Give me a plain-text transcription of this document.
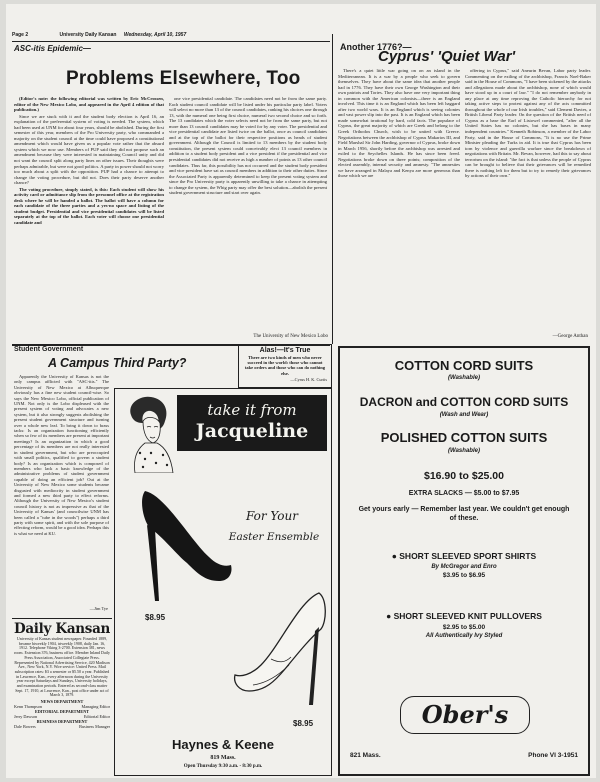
Page 2	University Daily Kansan Wednesday, April 10, 1957
ASC-itis Epidemic—
Problems Elsewhere, Too

(Editor's note: the following editorial was written by Eric McCrossen, editor of the New Mexico Lobo, and appeared in the April 4 edition of that publication.)

Since we are stuck with it and the student body election is April 16, an explanation of the preferential system of voting is needed. The system, which had been used at UNM for about four years, should be abolished. During the first semester of this year, members of the Pro University party, who commanded a majority on the student council at the time could have proposed a constitutional amendment which would have given us a popular vote rather that the absurd system which we now use. Members of PUP said they did not propose such an amendment because they were interested in maintaining Council unity and did not want the council split along party lines on other issues. Their thoughts were perhaps admirable, but were not good politics. A party in power should not worry too much about a split with the opposition. PUP had a chance to attempt to change the voting procedure, but did not. Does their party deserve another chance?

The voting procedure, simply stated, is this: Each student will show his activity card or admittance slip from the personnel office at the registration desk where he will be handed a ballot. The ballot will have a column for each candidate of the three parties and a yes-no space and listing of the student budget. Presidential and vice presidential candidates will be listed separately at the top of the ballot. Each voter will choose one presidential candidate and

one vice presidential candidate. The candidates need not be from the same party. Each student council candidate will be listed under his particular party label. Voters will select no more than 13 of the council candidates, ranking his choices one through 13, with the numeral one being first choice, numeral two second choice and so forth. The 13 candidates which the voter selects need not be from the same party, but not more than 13 council candidates may be voted for by any voter. The presidential and vice presidential candidate are listed twice on the ballot, once as council candidates and at the top of the ballot for their respective positions as heads of student government. Although the Council is limited to 13 members by the student body constitution, the present system could conceivably elect 13 council members in addition to a student body president and a vice president if the presidential and vice presidential candidates did not receive as high a number of points as 13 other council candidates. Thus far, this possibility has not occurred and the student body president and vice president have sat as council members in addition to their other duties. Since the Associated Party is apparently determined to keep the present voting system and since the Pro University party is apparently unwilling to take a chance in attempting to change the system, the Whig party may offer the best solution—abolish the present student government structure and start over again.

The University of New Mexico Lobo
Another 1776?—
Cyprus' 'Quiet War'

There's a quiet little war going on on an island in the Mediterranean. It is a war by a people who seek to govern themselves. They have about the same idea that another people had in 1776. They have their own George Washington and their own patriots and Tories. They also have one very important thing in common with the American colonists—there is an England involved. This time it is an England which has been left haggard after two world wars. It is an England which is seeing colonies and vast power slip into the past. It is an England which has been made somewhat irrational by hard, cold facts. The populace of Cyprus, the great majority of which are Greek and belong to the Greek Orthodox Church, wish to be united with Greece. Negotiations between the archbishop of Cyprus Makarios III, and Field Marshal Sir John Harding, governor of Cyprus, broke down in March 1956, shortly before the archbishop was arrested and exiled to the Seychelles Islands. He has since been freed. Negotiations broke down on three points; composition of the elected assembly, internal security and amnesty. "The amnesties we have arranged in Malaya and Kenya are more generous than those which we are

offering in Cyprus," said Aneurin Bevan, Labor party leader. Commenting on the exiling of the archbishop, Francis Noel-Baker said in the House of Commons, "I have been sickened by the attacks and allegations made about the archbishop, none of which would have stood up in a court of law." "I do not remember anybody in any place at any time reproving the Catholic hierarchy for not taking active steps to protest against any of the acts committed throughout the whole of our Irish troubles," said Clement Davies, a British Liberal Party leader. On the question of the British need of Cyprus as a base the Earl of Listowel commented, "after all the United States has no colonies, but she has bases in many independent countries." Kenneth Robinson, a member of the Labor Party, said in the House of Commons, "It is no use the Prime Minister pleading the Turks in aid. It is true that Cyprus has been torn by violence and guerrilla warfare since the breakdown of negotiations with Britain. Mr. Bevan, however, had this to say about terrorism on the island: "the fact is that unless the people of Cyprus can be brought to believe that their grievances will be remedied there is nothing left for them but to try to remedy their grievances by actions of their own."

—George Anthan
Student Government
A Campus Third Party?

Apparently the University of Kansas is not the only campus afflicted with "ASC-itis." The University of New Mexico at Albuquerque obviously has a fine new student council-wise. So says the New Mexico Lobo, official publication of UNM. Not only is the Lobo displeased with the present system of voting and advocates a new system, but it also strongly suggests abolishing the present student government structure and turning over a whole new leaf. To bring it down to brass tacks: Is an organization functioning efficiently when so few of its members are present at important meetings? Is an organization in which a good percentage of its members are not really interested in student government, but who are preoccupied with small politics, qualified to govern a student body? Is an organization which is composed of members who lack a basic knowledge of the administrative problems of student government capable of doing an efficient job? Out at the University of New Mexico some students became disgusted with mediocrity in student government and formed a new third party to effect reforms. Although the University of New Mexico's student council history is not as impressive as that of the University of Kansas' (and councilwise UNM has been called a "tube in the woods") perhaps a third party with some spirit, and with the sole purpose of effecting reform, would be a good idea. Perhaps this is what we need at KU.

—Jim Tye
Alas!—It's True
There are two kinds of men who never succeed in the world: those who cannot take orders and those who can do nothing else.
—Cyrus H. K. Curtis
Daily Kansan
University of Kansas student newspaper. Founded 1889, became biweekly 1904, triweekly 1908, daily Jan. 16, 1912. Telephone Viking 3-2700. Extension 381, news room. Extension 376, business office. Member Inland Daily Press Association, Associated Collegiate Press. Represented by National Advertising Service, 420 Madison Ave., New York, N.Y. Wire service: United Press. Mail subscription rates: $3 a semester or $5.50 a year. Published in Lawrence, Kan., every afternoon during the University year except Saturdays and Sundays, University holidays, and examination periods. Entered as second-class matter Sept. 17, 1910, at Lawrence, Kan., post office under act of March 3, 1879.
NEWS DEPARTMENT
Kenn Thompson	Managing Editor
EDITORIAL DEPARTMENT
Jerry Dawson	Editorial Editor
BUSINESS DEPARTMENT
Dale Bowers	Business Manager
take it from
Jacqueline
$8.95
For Your
Easter Ensemble
$8.95
Haynes & Keene
819 Mass.
Open Thursday 9:30 a.m. - 8:30 p.m.
COTTON CORD SUITS
(Washable)
DACRON and COTTON CORD SUITS
(Wash and Wear)
POLISHED COTTON SUITS
(Washable)
$16.90 to $25.00
EXTRA SLACKS — $5.00 to $7.95
Get yours early — Remember last year. We couldn't get enough of these.
● SHORT SLEEVED SPORT SHIRTS
By McGregor and Enro
$3.95 to $6.95
● SHORT SLEEVED KNIT PULLOVERS
$2.95 to $5.00
All Authentically Ivy Styled
Ober's
821 Mass.	Phone VI 3-1951
